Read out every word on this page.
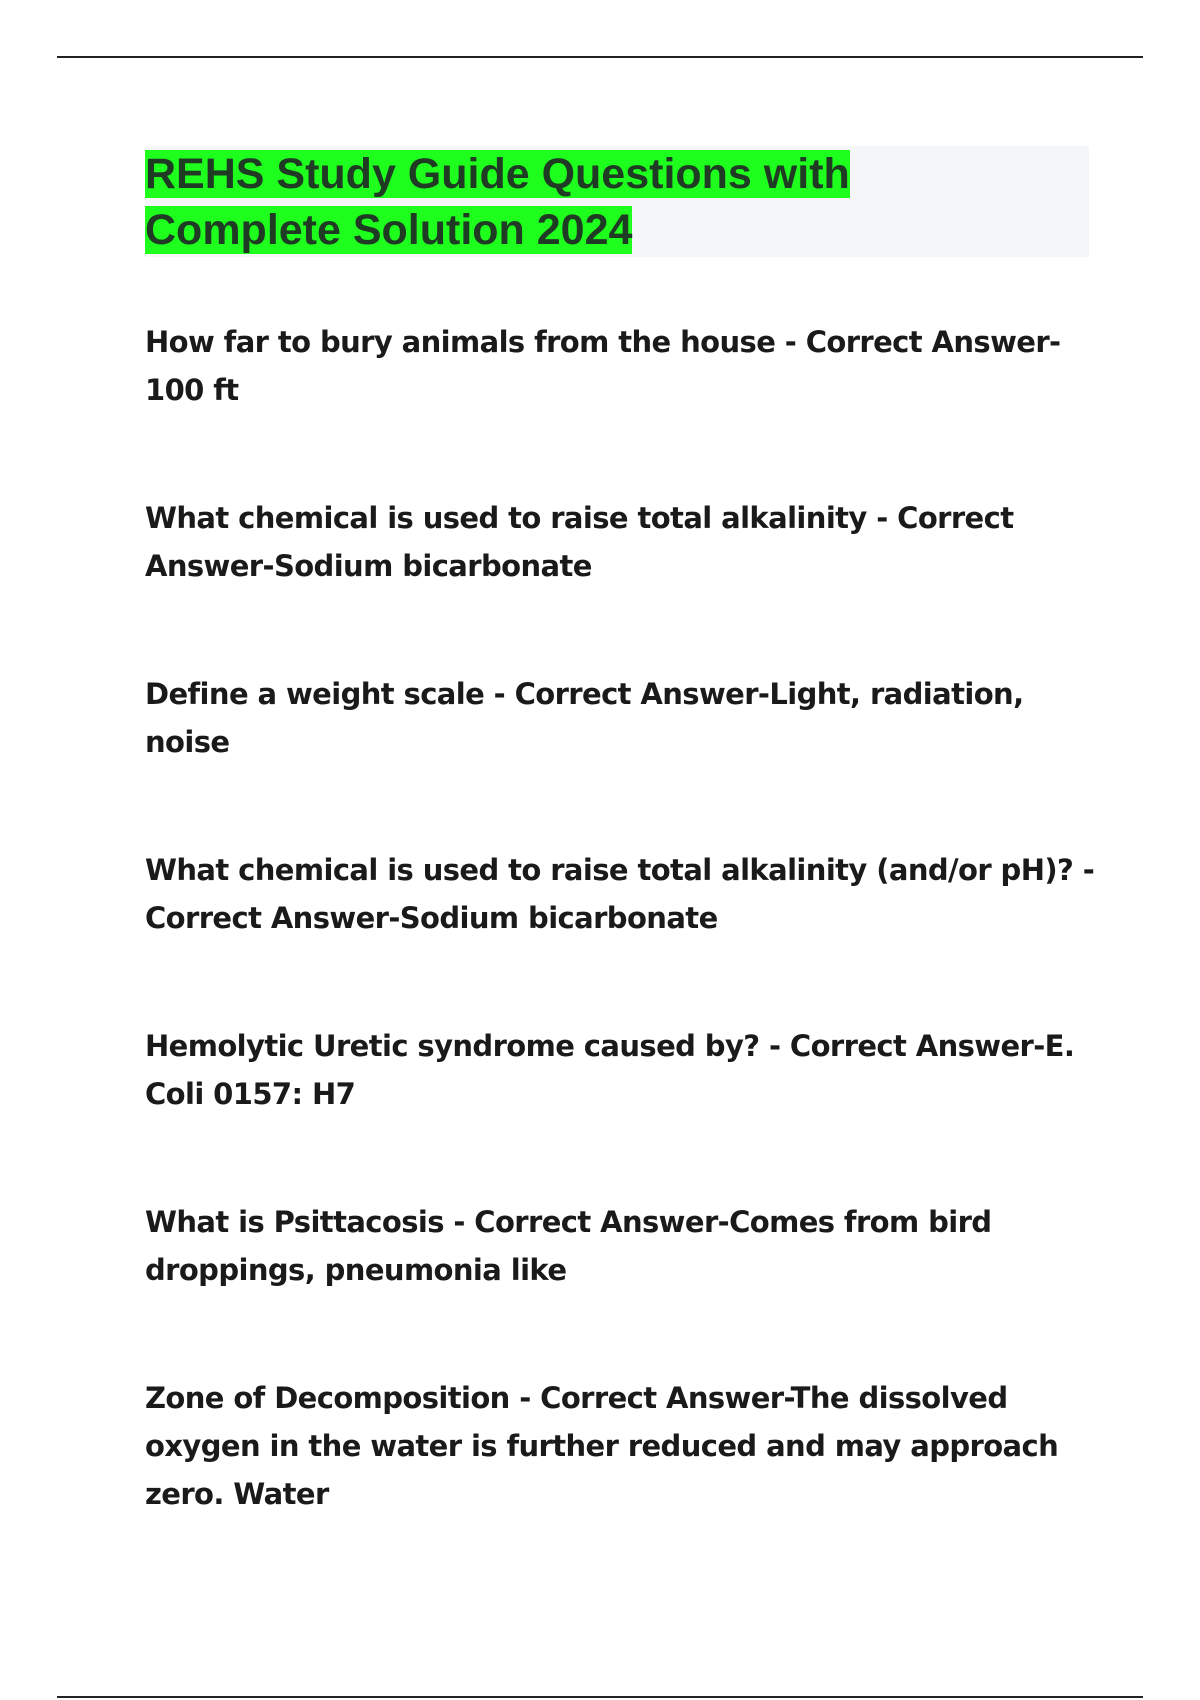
REHS Study Guide Questions with
Complete Solution 2024

How far to bury animals from the house - Correct Answer-100 ft

What chemical is used to raise total alkalinity - Correct Answer-Sodium bicarbonate

Define a weight scale - Correct Answer-Light, radiation, noise

What chemical is used to raise total alkalinity (and/or pH)? - Correct Answer-Sodium bicarbonate

Hemolytic Uretic syndrome caused by? - Correct Answer-E. Coli 0157: H7

What is Psittacosis - Correct Answer-Comes from bird droppings, pneumonia like

Zone of Decomposition - Correct Answer-The dissolved oxygen in the water is further reduced and may approach zero. Water
